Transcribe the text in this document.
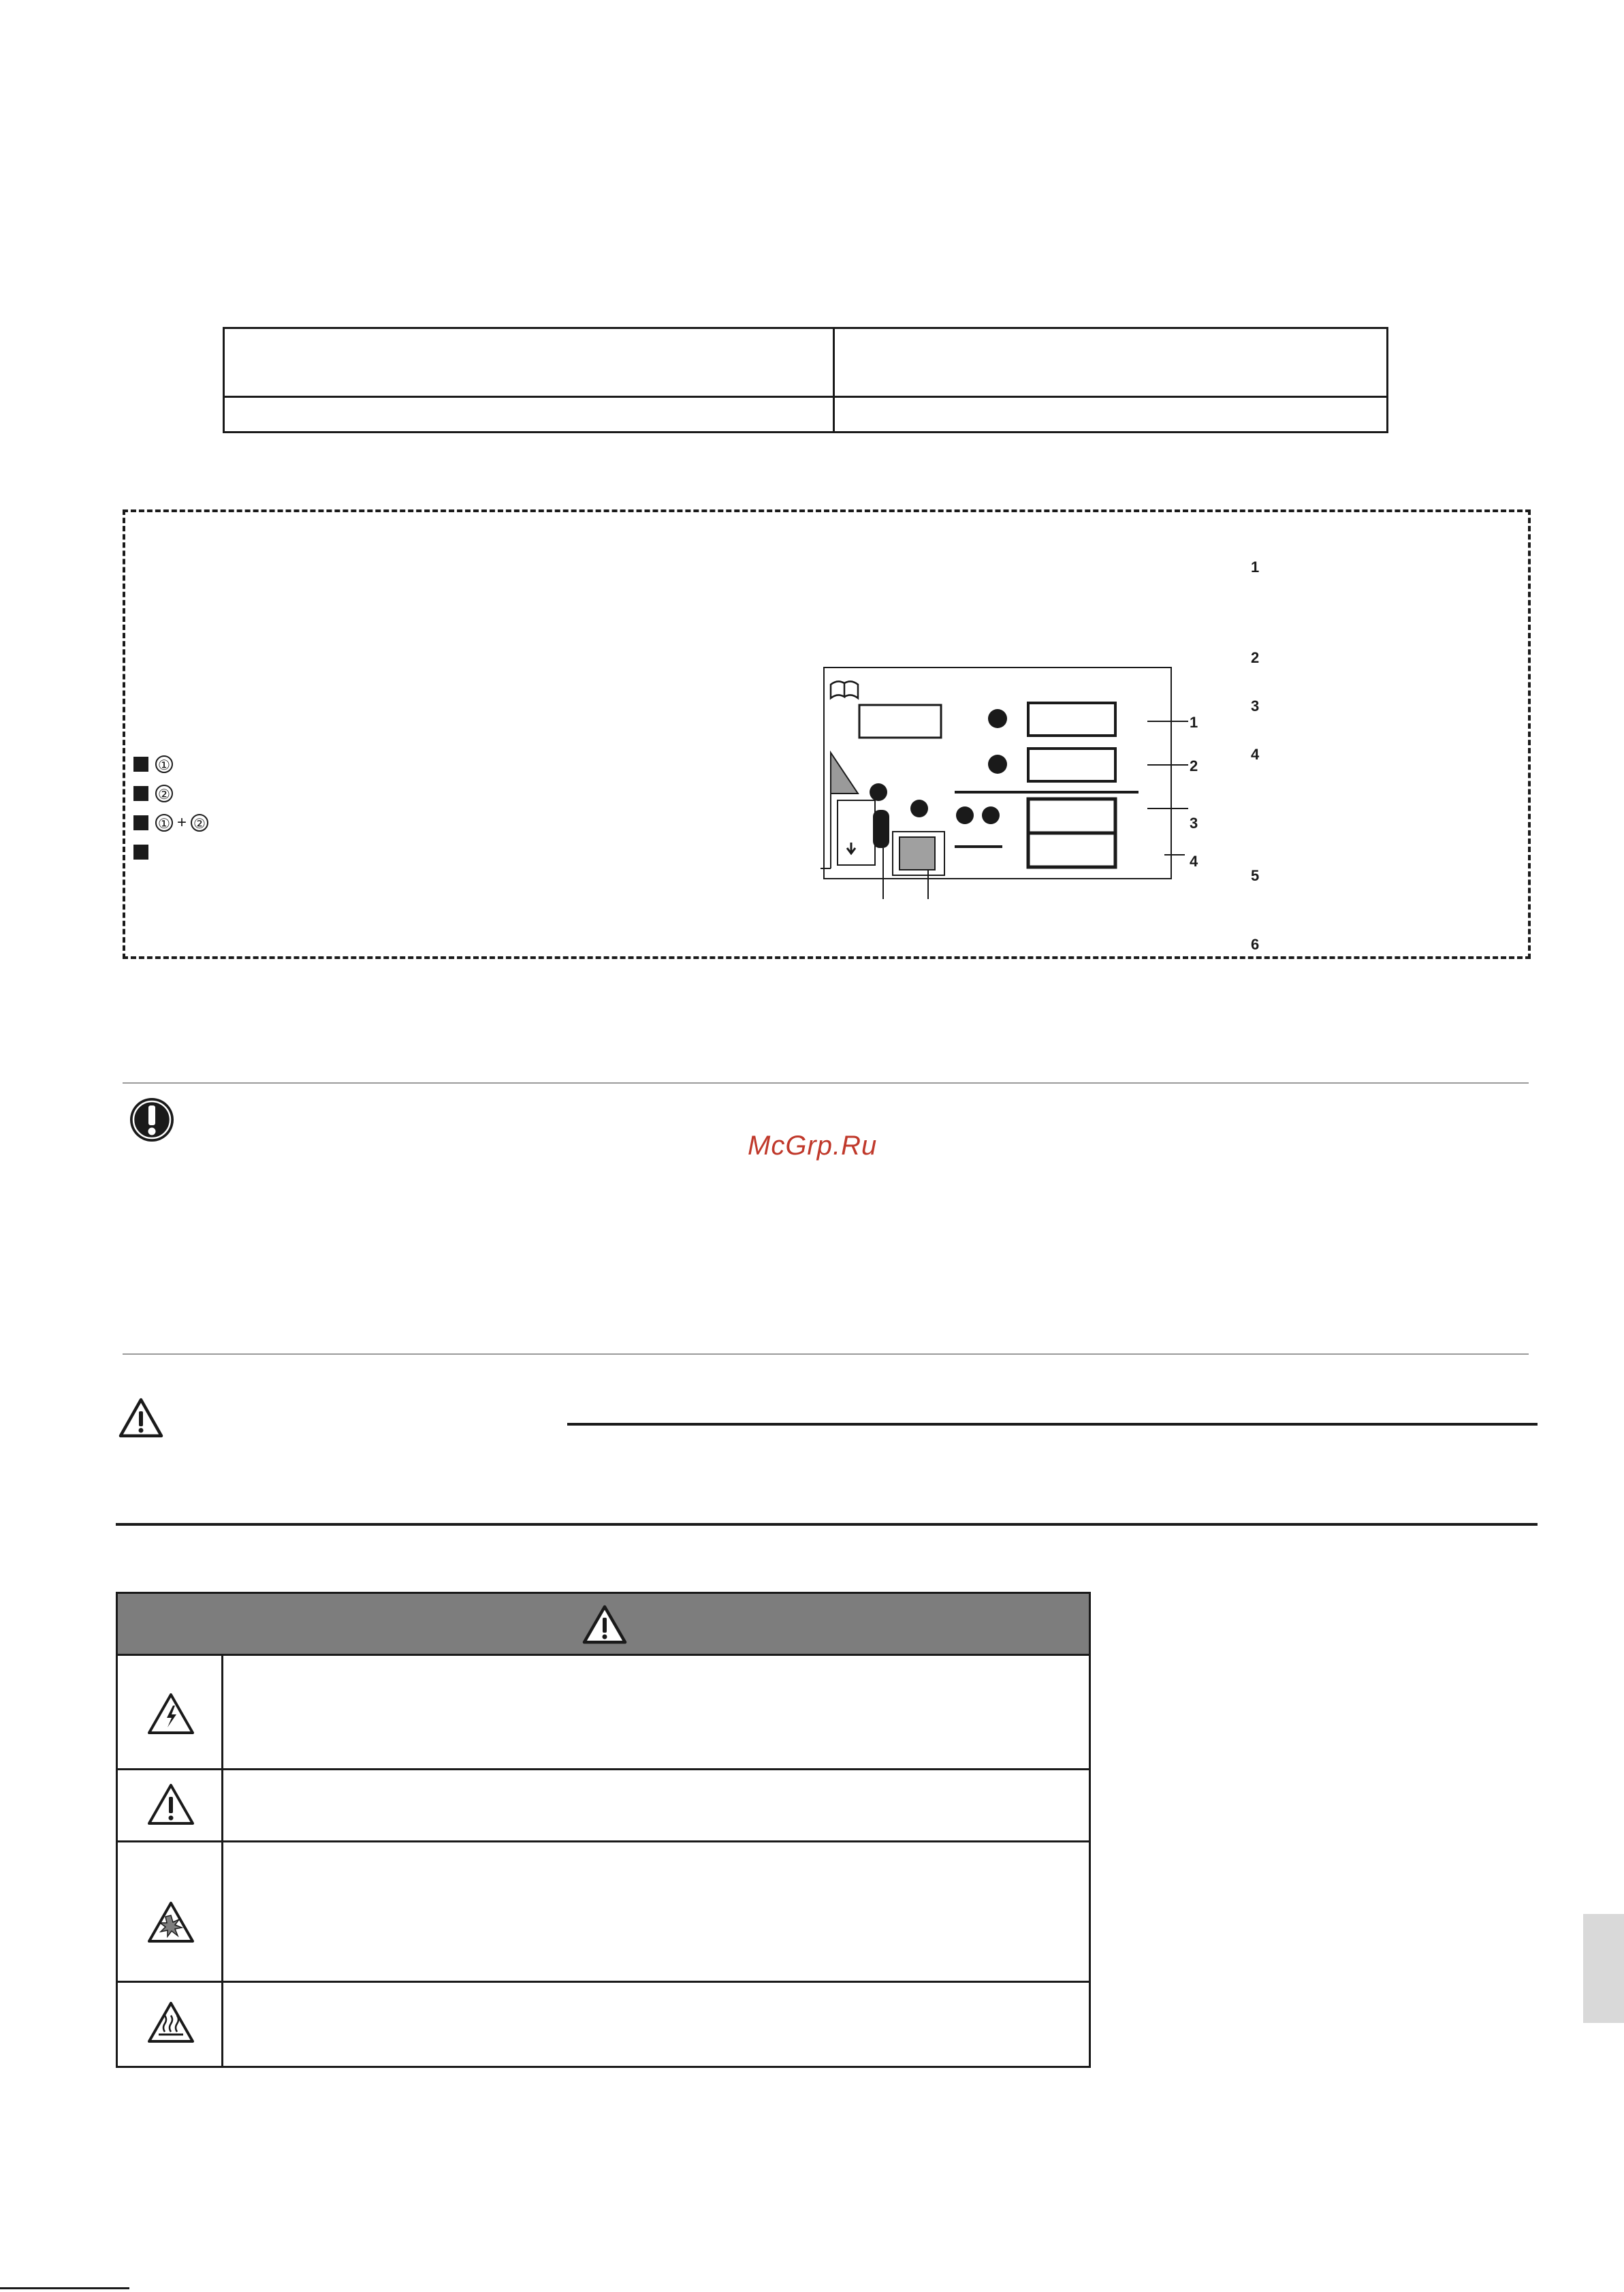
①
②
① + ②
1
2
3
4
1
2
3
4
5
6
McGrp.Ru
